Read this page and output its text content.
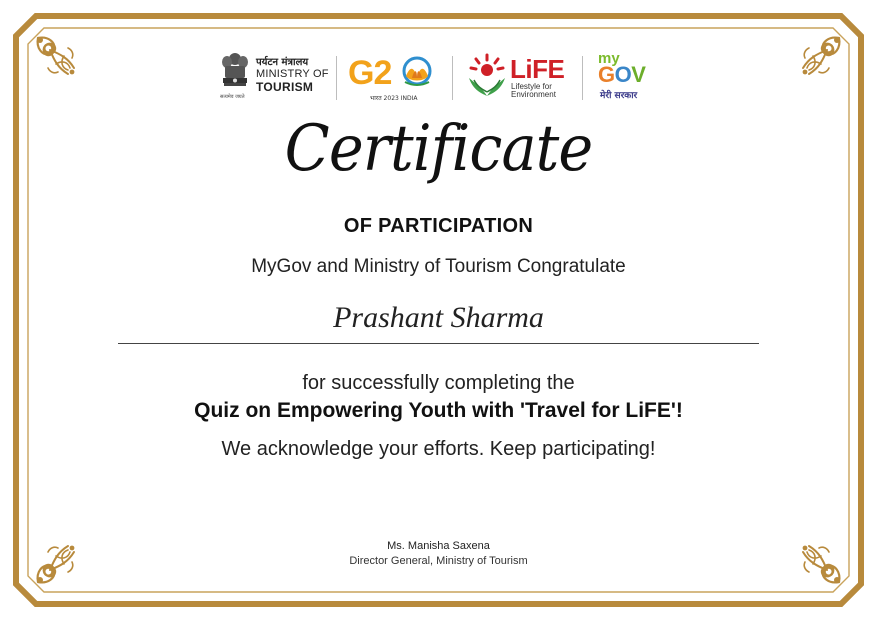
पर्यटन मंत्रालय
MINISTRY OF
TOURISM
सत्यमेव जयते
G2
भारत 2023 INDIA
LiFE
Lifestyle for
Environment
my
GOV
मेरी सरकार
Certificate
OF PARTICIPATION
MyGov and Ministry of Tourism Congratulate
Prashant Sharma
for successfully completing the
Quiz on Empowering Youth with 'Travel for LiFE'!
We acknowledge your efforts. Keep participating!
Ms. Manisha Saxena
Director General, Ministry of Tourism
